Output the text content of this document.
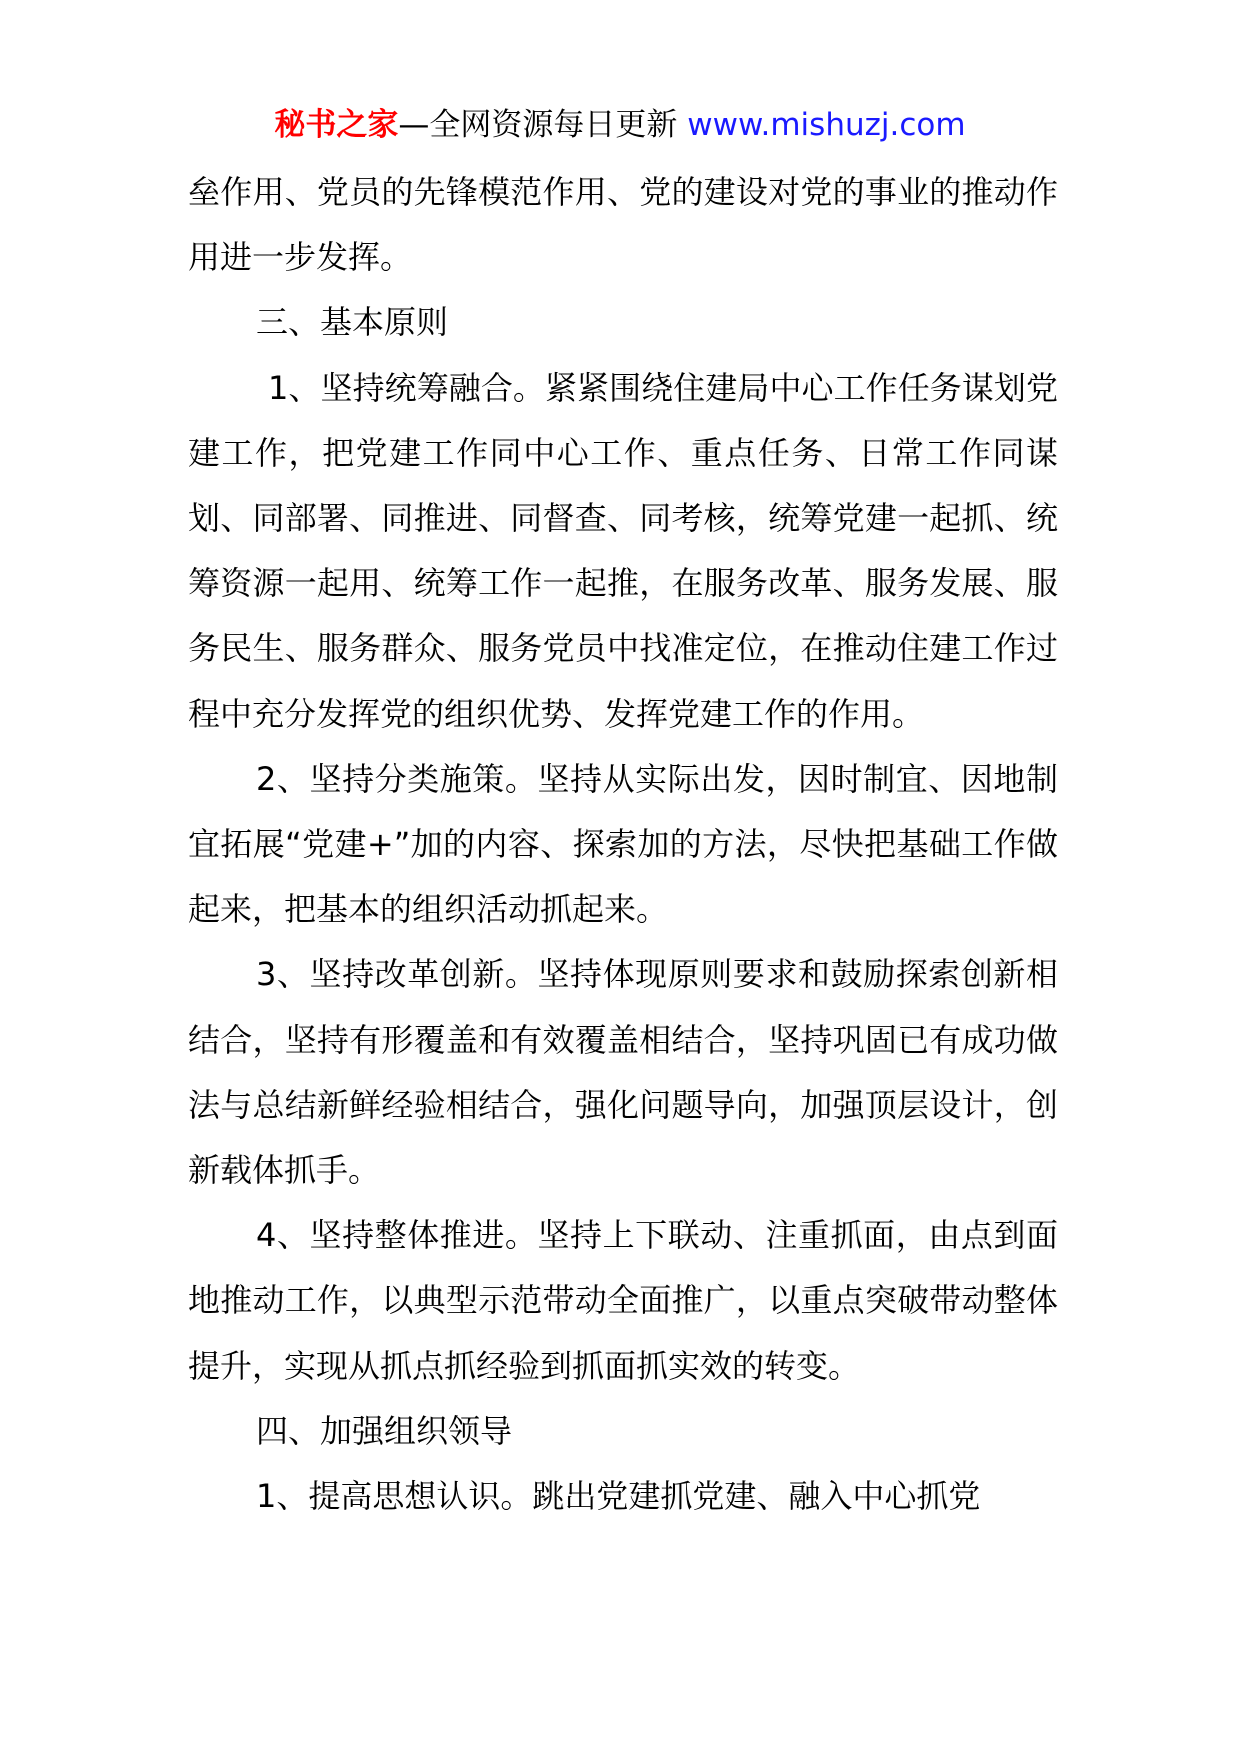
秘书之家—全网资源每日更新 www.mishuzj.com

垒作用、党员的先锋模范作用、党的建设对党的事业的推动作用进一步发挥。

三、基本原则

1、坚持统筹融合。紧紧围绕住建局中心工作任务谋划党建工作，把党建工作同中心工作、重点任务、日常工作同谋划、同部署、同推进、同督查、同考核，统筹党建一起抓、统筹资源一起用、统筹工作一起推，在服务改革、服务发展、服务民生、服务群众、服务党员中找准定位，在推动住建工作过程中充分发挥党的组织优势、发挥党建工作的作用。

2、坚持分类施策。坚持从实际出发，因时制宜、因地制宜拓展“党建+”加的内容、探索加的方法，尽快把基础工作做起来，把基本的组织活动抓起来。

3、坚持改革创新。坚持体现原则要求和鼓励探索创新相结合，坚持有形覆盖和有效覆盖相结合，坚持巩固已有成功做法与总结新鲜经验相结合，强化问题导向，加强顶层设计，创新载体抓手。

4、坚持整体推进。坚持上下联动、注重抓面，由点到面地推动工作，以典型示范带动全面推广，以重点突破带动整体提升，实现从抓点抓经验到抓面抓实效的转变。

四、加强组织领导

1、提高思想认识。跳出党建抓党建、融入中心抓党
